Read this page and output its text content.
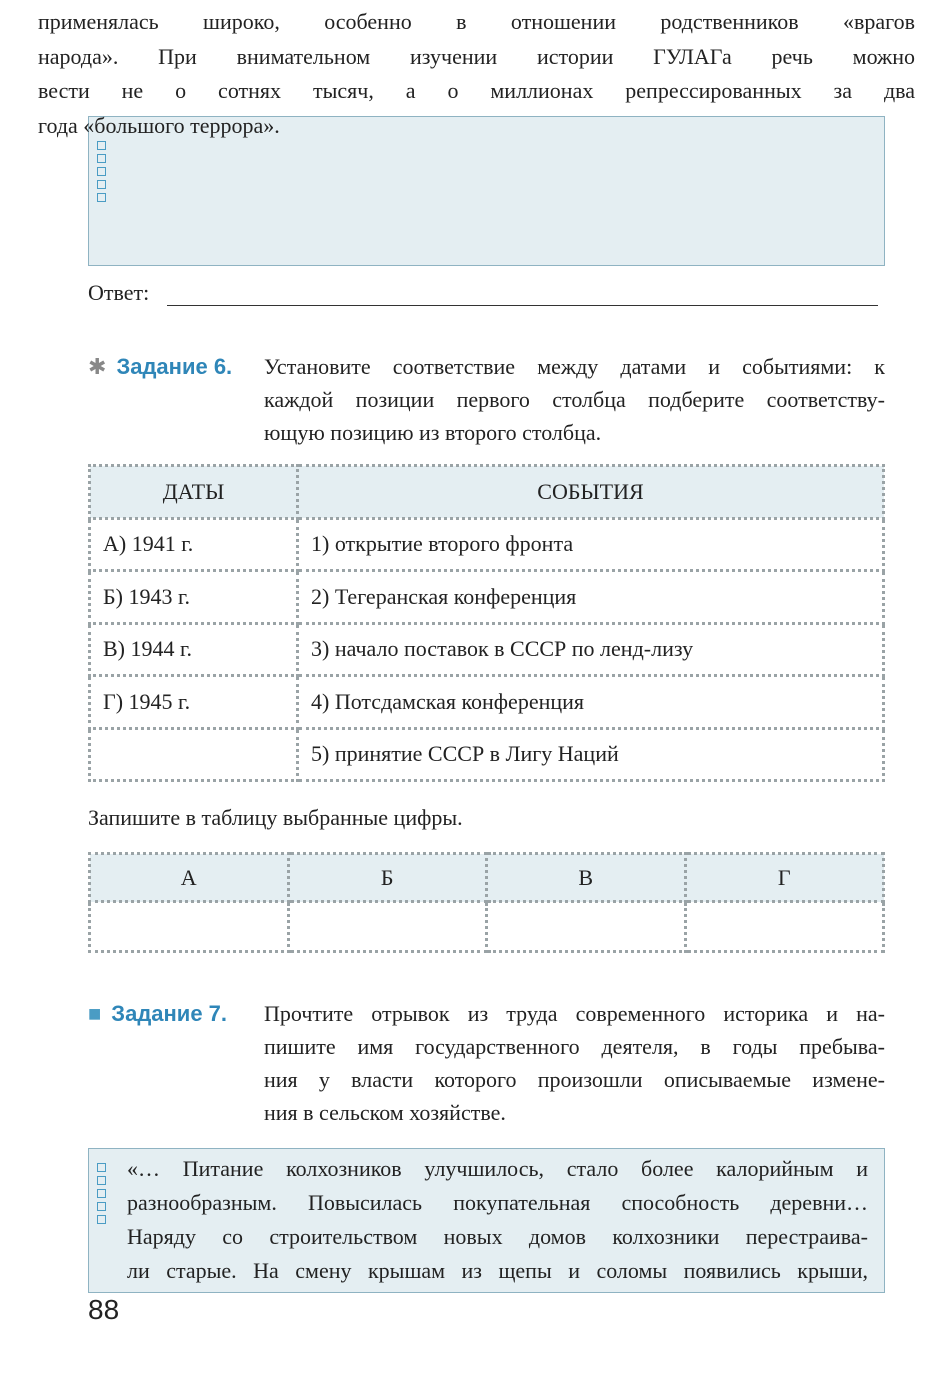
применялась широко, особенно в отношении родственников «врагов
народа». При внимательном изучении истории ГУЛАГа речь можно
вести не о сотнях тысяч, а о миллионах репрессированных за два
года «большого террора».
Ответ:
✱ Задание 6. Установите соответствие между датами и событиями: к
каждой позиции первого столбца подберите соответству-
ющую позицию из второго столбца.
ДАТЫ	СОБЫТИЯ
А) 1941 г.	1) открытие второго фронта
Б) 1943 г.	2) Тегеранская конференция
В) 1944 г.	3) начало поставок в СССР по ленд-лизу
Г) 1945 г.	4) Потсдамская конференция
	5) принятие СССР в Лигу Наций
Запишите в таблицу выбранные цифры.
А	Б	В	Г

■ Задание 7. Прочтите отрывок из труда современного историка и на-
пишите имя государственного деятеля, в годы пребыва-
ния у власти которого произошли описываемые измене-
ния в сельском хозяйстве.
«… Питание колхозников улучшилось, стало более калорийным и
разнообразным. Повысилась покупательная способность деревни…
Наряду со строительством новых домов колхозники перестраива-
ли старые. На смену крышам из щепы и соломы появились крыши,
88
